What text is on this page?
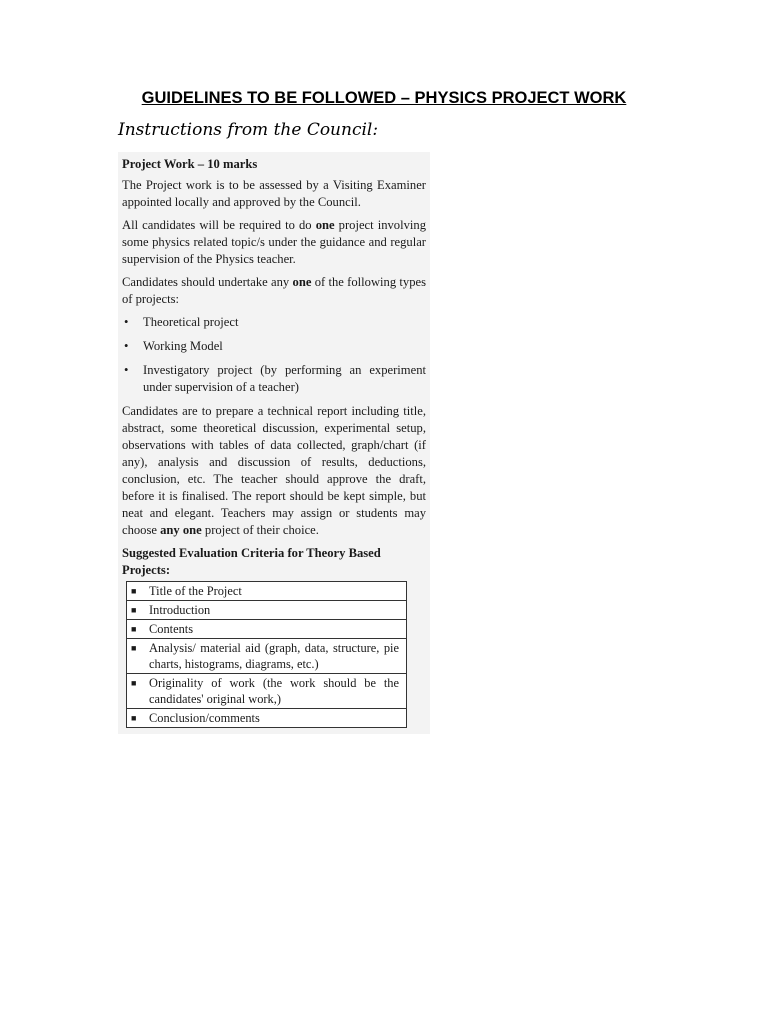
GUIDELINES TO BE FOLLOWED – PHYSICS PROJECT WORK
Instructions from the Council:

Project Work – 10 marks

The Project work is to be assessed by a Visiting Examiner appointed locally and approved by the Council.

All candidates will be required to do one project involving some physics related topic/s under the guidance and regular supervision of the Physics teacher.

Candidates should undertake any one of the following types of projects:

• Theoretical project
• Working Model
• Investigatory project (by performing an experiment under supervision of a teacher)

Candidates are to prepare a technical report including title, abstract, some theoretical discussion, experimental setup, observations with tables of data collected, graph/chart (if any), analysis and discussion of results, deductions, conclusion, etc. The teacher should approve the draft, before it is finalised. The report should be kept simple, but neat and elegant. Teachers may assign or students may choose any one project of their choice.

Suggested Evaluation Criteria for Theory Based Projects:
■ Title of the Project
■ Introduction
■ Contents
■ Analysis/ material aid (graph, data, structure, pie charts, histograms, diagrams, etc.)
■ Originality of work (the work should be the candidates' original work,)
■ Conclusion/comments
